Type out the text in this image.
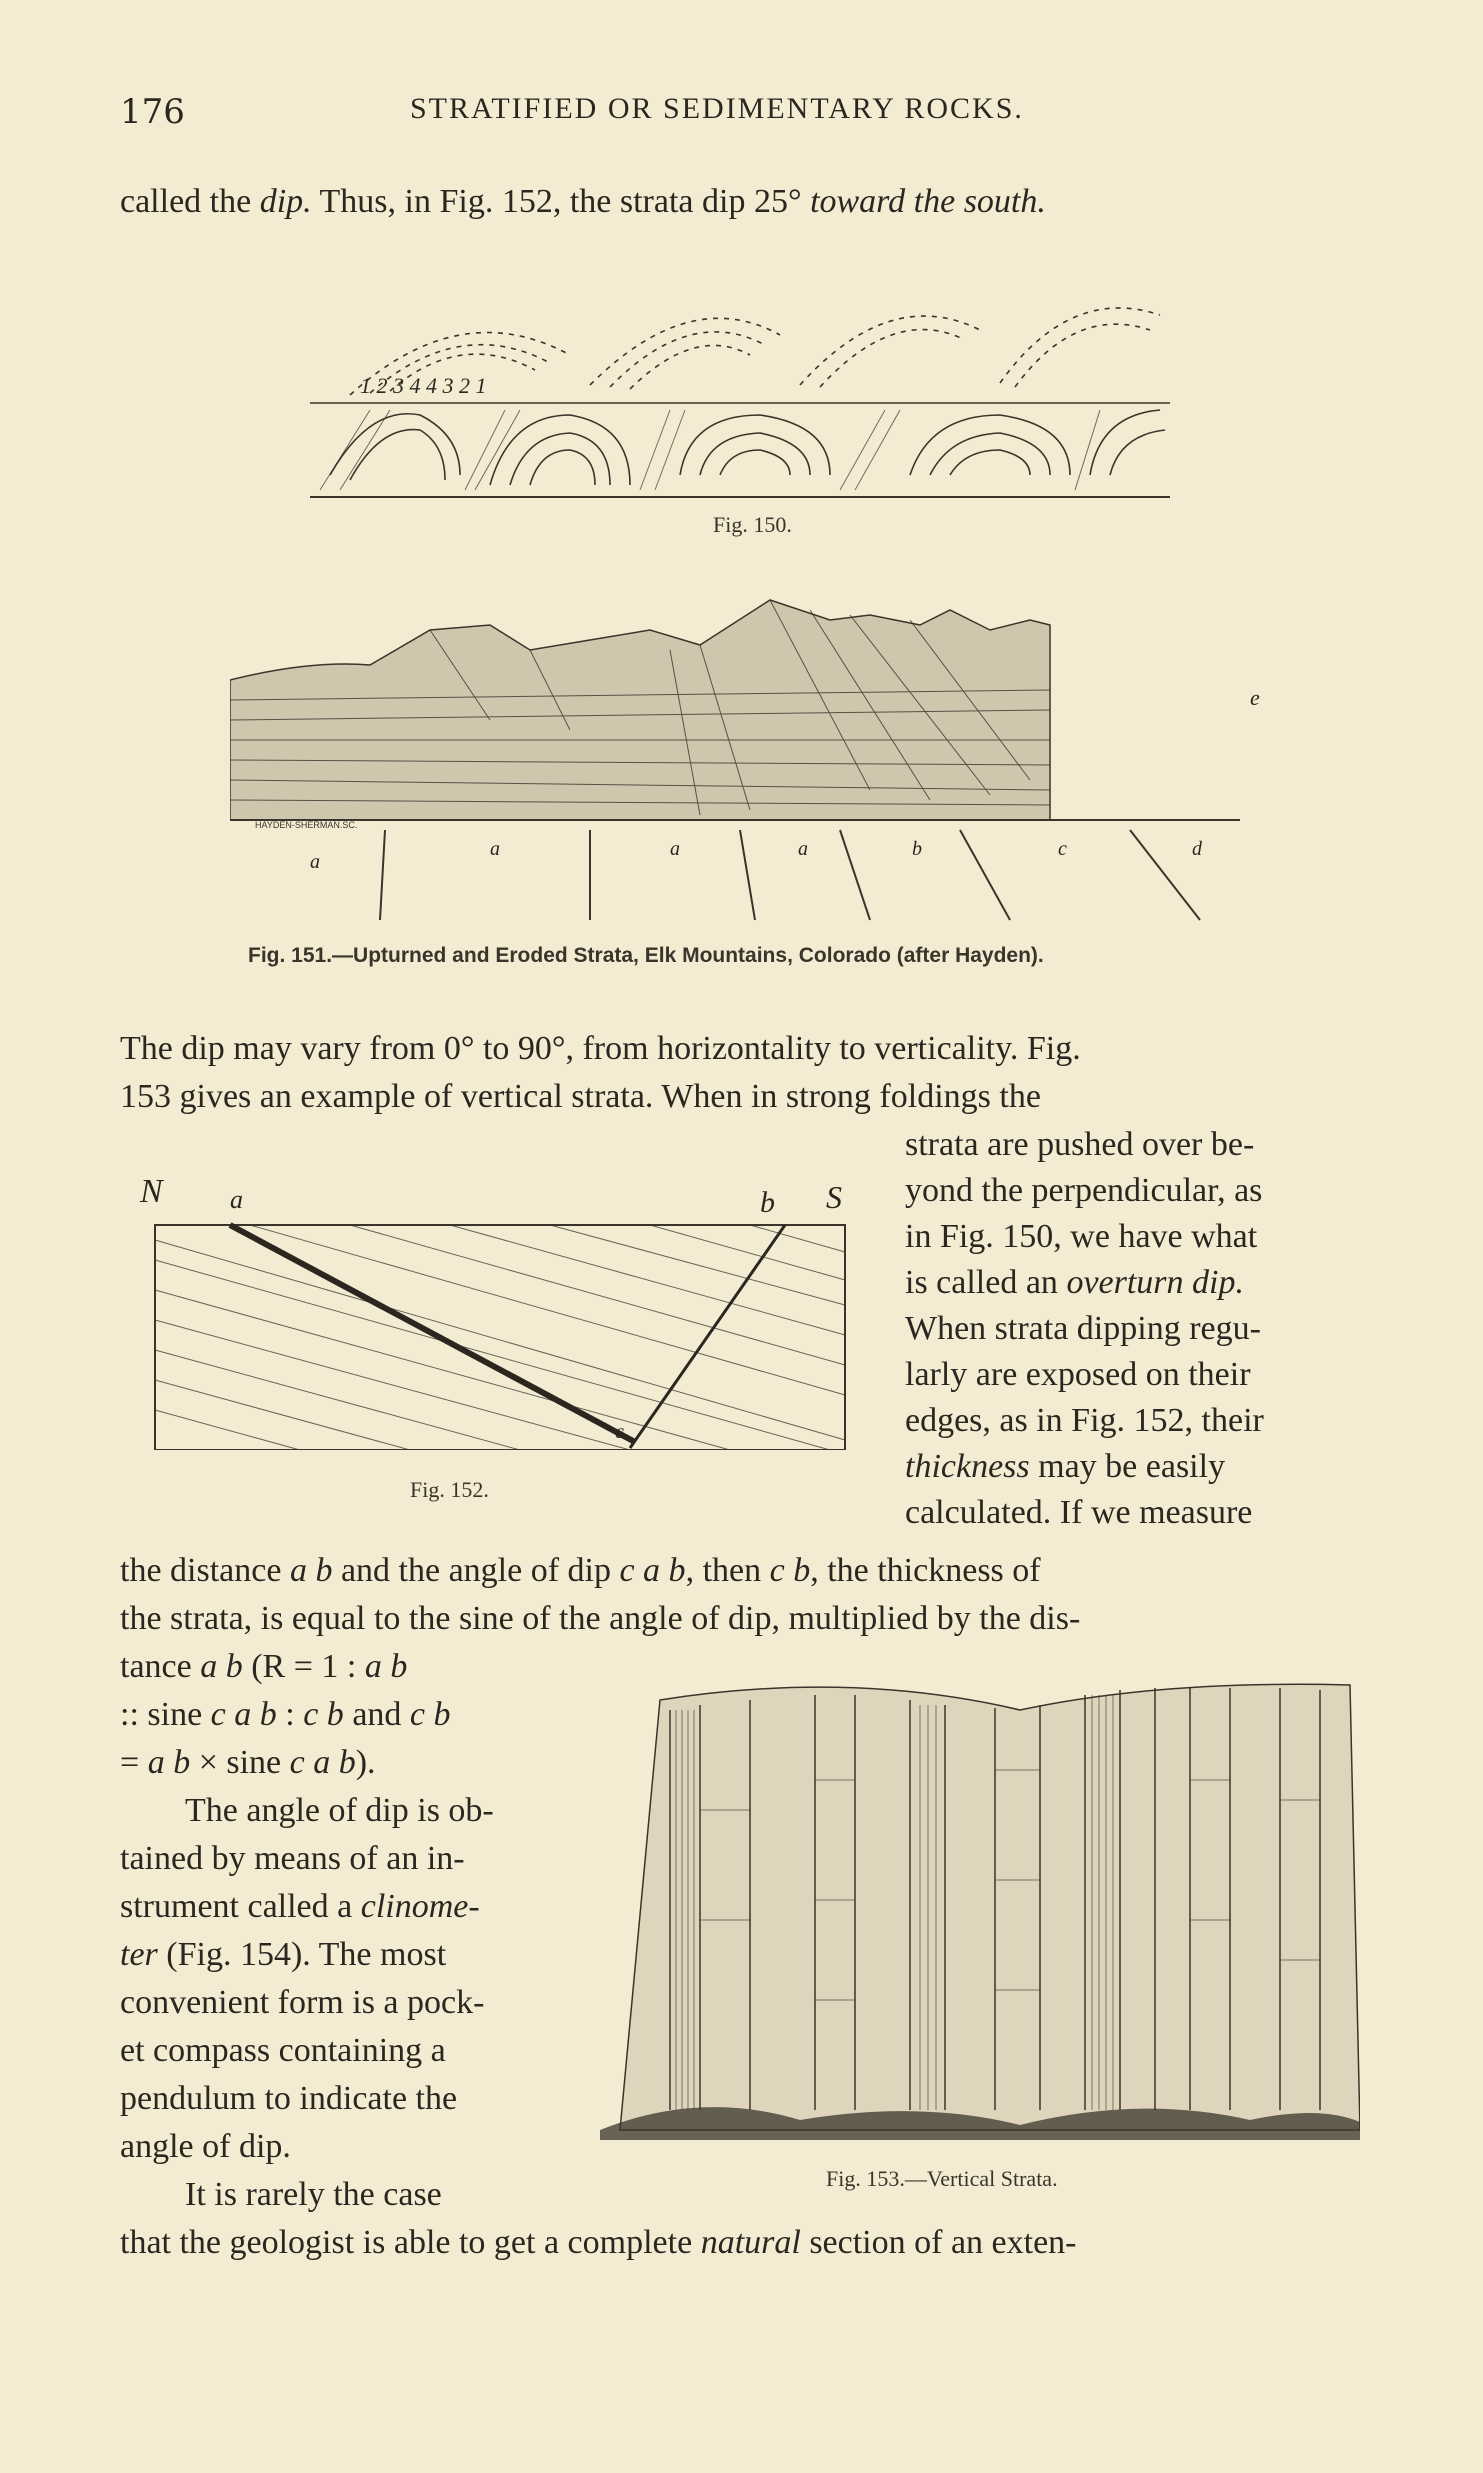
176	STRATIFIED OR SEDIMENTARY ROCKS.
called the dip. Thus, in Fig. 152, the strata dip 25° toward the south.
1 2 3 4 4 3 2 1
Fig. 150.
a
a	a	a	b	c	d
e
HAYDEN-SHERMAN.SC.
Fig. 151.—Upturned and Eroded Strata, Elk Mountains, Colorado (after Hayden).
The dip may vary from 0° to 90°, from horizontality to verticality. Fig.
153 gives an example of vertical strata. When in strong foldings the
strata are pushed over be-
yond the perpendicular, as
in Fig. 150, we have what
is called an overturn dip.
When strata dipping regu-
larly are exposed on their
edges, as in Fig. 152, their
thickness may be easily
calculated. If we measure
N	a	b S
c
Fig. 152.
the distance a b and the angle of dip c a b, then c b, the thickness of
the strata, is equal to the sine of the angle of dip, multiplied by the dis-
tance a b (R = 1 : a b
:: sine c a b : c b and c b
= a b × sine c a b).
The angle of dip is ob-
tained by means of an in-
strument called a clinome-
ter (Fig. 154). The most
convenient form is a pock-
et compass containing a
pendulum to indicate the
angle of dip.
It is rarely the case
that the geologist is able to get a complete natural section of an exten-
Fig. 153.—Vertical Strata.
